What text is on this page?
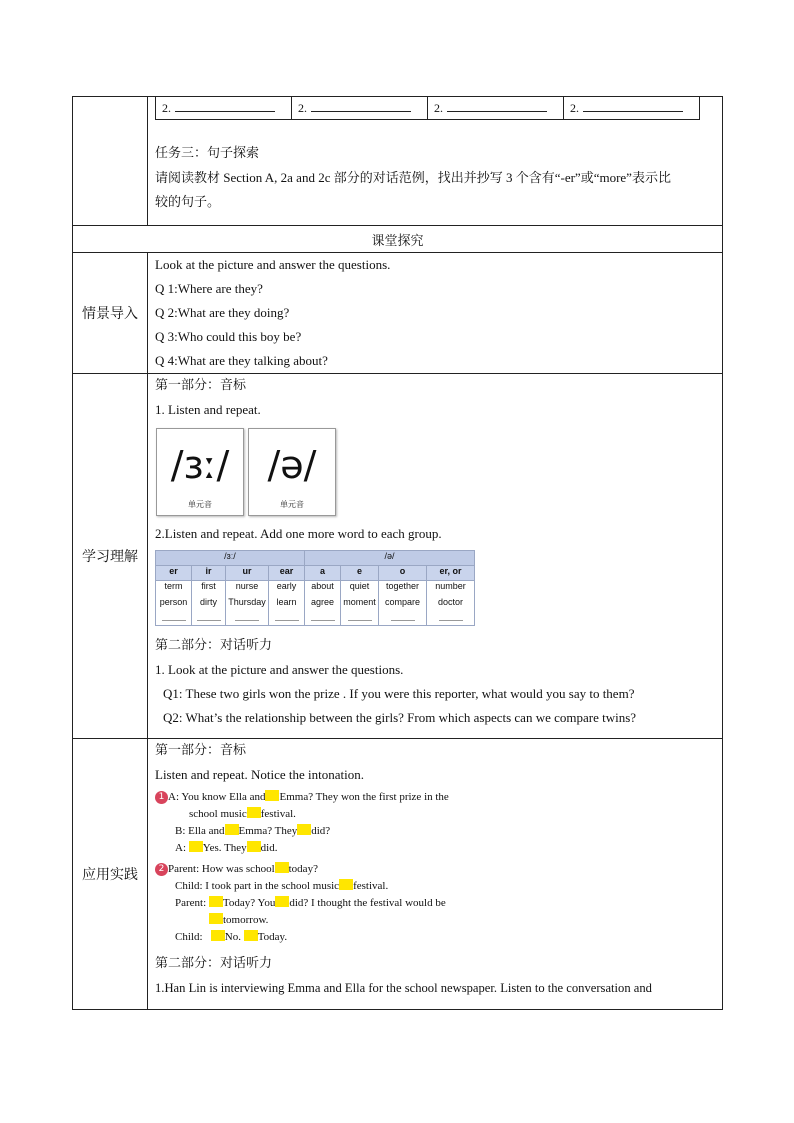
2.	2.	2.	2.
任务三：句子探索
请阅读教材 Section A, 2a and 2c 部分的对话范例，找出并抄写 3 个含有“-er”或“more”表示比
较的句子。

课堂探究
情景导入	
Look at the picture and answer the questions.
Q 1:Where are they?
Q 2:What are they doing?
Q 3:Who could this boy be?
Q 4:What are they talking about?

学习理解	
第一部分：音标
1. Listen and repeat.
/ɜː/
单元音
/ə/
单元音
2.Listen and repeat. Add one more word to each group.
/ɜː/	/ə/
er	ir	ur	ear	a	e	o	er, or
term	first	nurse	early	about	quiet	together	number
person	dirty	Thursday	learn	agree	moment	compare	doctor

第二部分：对话听力
1. Look at the picture and answer the questions.
Q1: These two girls won the prize . If you were this reporter, what would you say to them?
Q2: What’s the relationship between the girls? From which aspects can we compare twins?

应用实践	
第一部分：音标
Listen and repeat. Notice the intonation.
1 A: You know Ella and Emma? They won the first prize in the
school music festival.
B: Ella and Emma? They did?
A: Yes. They did.
2 Parent: How was school today?
Child: I took part in the school music festival.
Parent: Today? You did? I thought the festival would be
tomorrow.
Child: No. Today.
第二部分：对话听力
1.Han Lin is interviewing Emma and Ella for the school newspaper. Listen to the conversation and
